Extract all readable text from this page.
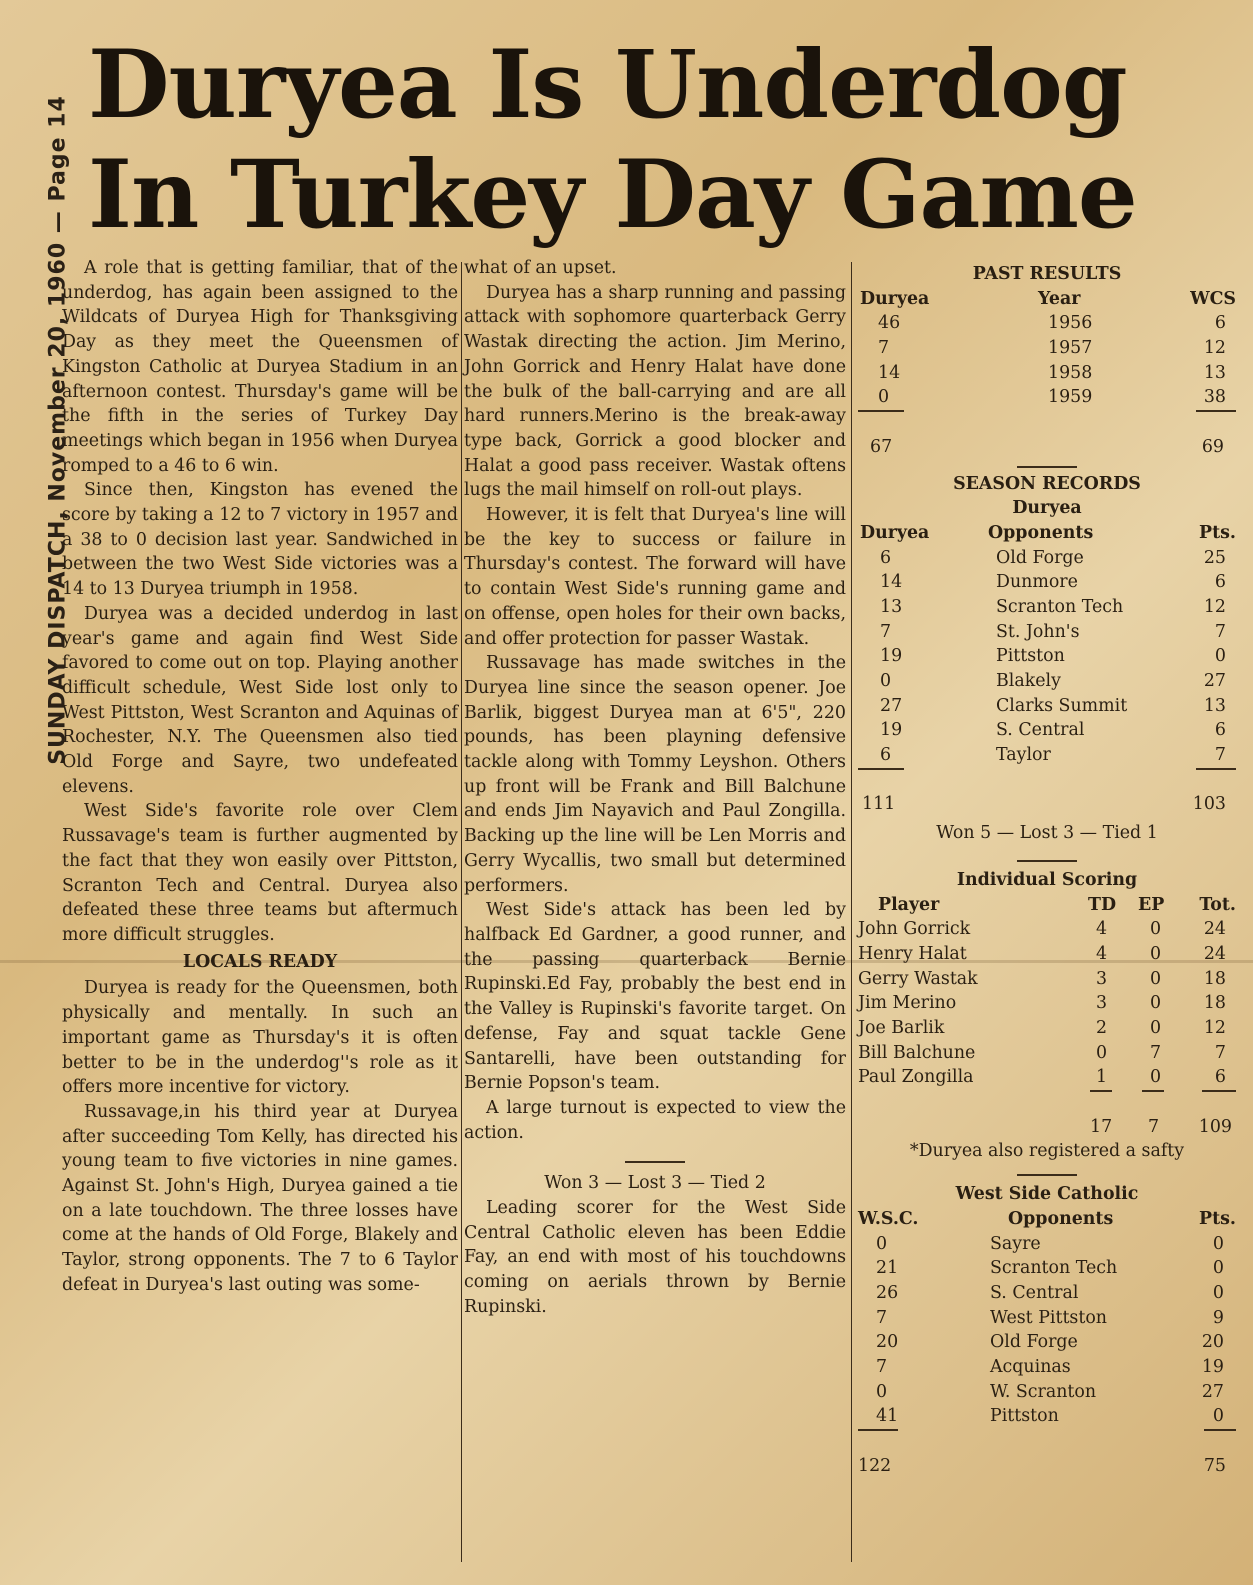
SUNDAY DISPATCH, November 20, 1960 — Page 14
Duryea Is Underdog
In Turkey Day Game

A role that is getting familiar, that of the underdog, has again been assigned to the Wildcats of Duryea High for Thanksgiving Day as they meet the Queensmen of Kingston Catholic at Duryea Stadium in an afternoon contest. Thursday's game will be the fifth in the series of Turkey Day meetings which began in 1956 when Duryea romped to a 46 to 6 win.

Since then, Kingston has evened the score by taking a 12 to 7 victory in 1957 and a 38 to 0 decision last year. Sandwiched in between the two West Side victories was a 14 to 13 Duryea triumph in 1958.

Duryea was a decided underdog in last year's game and again find West Side favored to come out on top. Playing another difficult schedule, West Side lost only to West Pittston, West Scranton and Aquinas of Rochester, N.Y. The Queensmen also tied Old Forge and Sayre, two undefeated elevens.

West Side's favorite role over Clem Russavage's team is further augmented by the fact that they won easily over Pittston, Scranton Tech and Central. Duryea also defeated these three teams but aftermuch more difficult struggles.

LOCALS READY

Duryea is ready for the Queensmen, both physically and mentally. In such an important game as Thursday's it is often better to be in the underdog''s role as it offers more incentive for victory.

Russavage,in his third year at Duryea after succeeding Tom Kelly, has directed his young team to five victories in nine games. Against St. John's High, Duryea gained a tie on a late touchdown. The three losses have come at the hands of Old Forge, Blakely and Taylor, strong opponents. The 7 to 6 Taylor defeat in Duryea's last outing was some-

what of an upset.

Duryea has a sharp running and passing attack with sophomore quarterback Gerry Wastak directing the action. Jim Merino, John Gorrick and Henry Halat have done the bulk of the ball-carrying and are all hard runners.Merino is the break-away type back, Gorrick a good blocker and Halat a good pass receiver. Wastak oftens lugs the mail himself on roll-out plays.

However, it is felt that Duryea's line will be the key to success or failure in Thursday's contest. The forward will have to contain West Side's running game and on offense, open holes for their own backs, and offer protection for passer Wastak.

Russavage has made switches in the Duryea line since the season opener. Joe Barlik, biggest Duryea man at 6'5", 220 pounds, has been playning defensive tackle along with Tommy Leyshon. Others up front will be Frank and Bill Balchune and ends Jim Nayavich and Paul Zongilla. Backing up the line will be Len Morris and Gerry Wycallis, two small but determined performers.

West Side's attack has been led by halfback Ed Gardner, a good runner, and the passing quarterback Bernie Rupinski.Ed Fay, probably the best end in the Valley is Rupinski's favorite target. On defense, Fay and squat tackle Gene Santarelli, have been outstanding for Bernie Popson's team.

A large turnout is expected to view the action.

Won 3 — Lost 3 — Tied 2

Leading scorer for the West Side Central Catholic eleven has been Eddie Fay, an end with most of his touchdowns coming on aerials thrown by Bernie Rupinski.

PAST RESULTS
Duryea	Year	WCS
46	1956	6
7	1957	12
14	1958	13
0	1959	38
67	69
SEASON RECORDS
Duryea
Duryea	Opponents	Pts.
6	Old Forge	25
14	Dunmore	6
13	Scranton Tech	12
7	St. John's	7
19	Pittston	0
0	Blakely	27
27	Clarks Summit	13
19	S. Central	6
6	Taylor	7
111	103
Won 5 — Lost 3 — Tied 1
Individual Scoring
Player	TD EP Tot.
John Gorrick	4 0 24
Henry Halat	4 0 24
Gerry Wastak	3 0 18
Jim Merino	3 0 18
Joe Barlik	2 0 12
Bill Balchune	0 7	7
Paul Zongilla	1 0	6
17 7 109
*Duryea also registered a safty
West Side Catholic
W.S.C.	Opponents	Pts.
0	Sayre	0
21	Scranton Tech	0
26	S. Central	0
7	West Pittston	9
20	Old Forge	20
7	Acquinas	19
0	W. Scranton	27
41	Pittston	0
122	75
